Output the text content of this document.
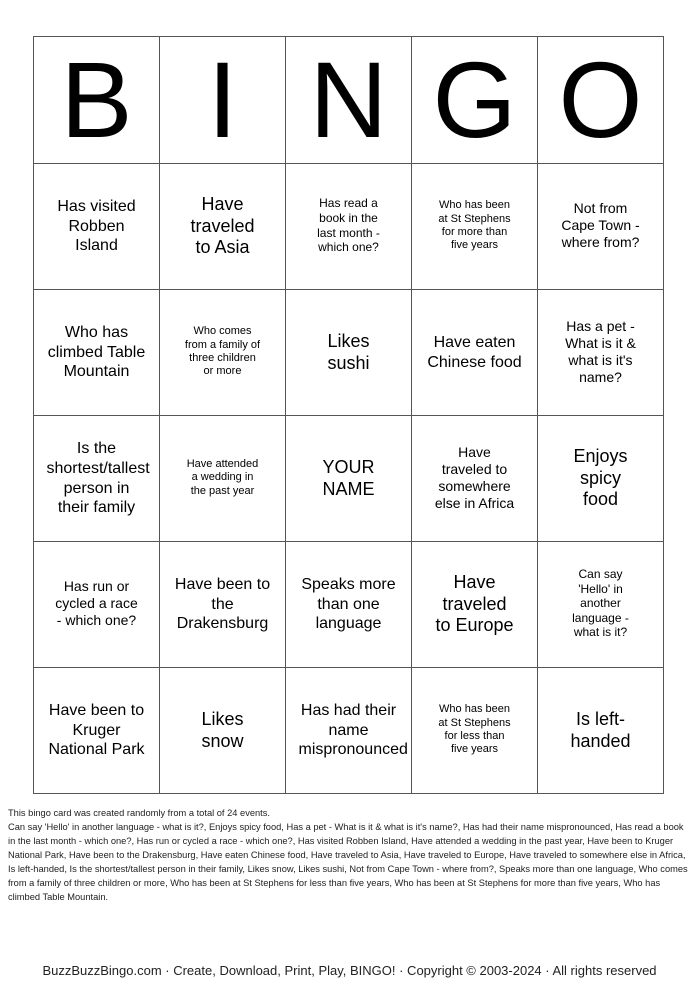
B	I	N	G	O
Has visited Robben Island	Have traveled to Asia	Has read a book in the last month - which one?	Who has been at St Stephens for more than five years	Not from Cape Town - where from?
Who has climbed Table Mountain	Who comes from a family of three children or more	Likes sushi	Have eaten Chinese food	Has a pet - What is it & what is it's name?
Is the shortest/tallest person in their family	Have attended a wedding in the past year	YOUR NAME	Have traveled to somewhere else in Africa	Enjoys spicy food
Has run or cycled a race - which one?	Have been to the Drakensburg	Speaks more than one language	Have traveled to Europe	Can say 'Hello' in another language - what is it?
Have been to Kruger National Park	Likes snow	Has had their name mispronounced	Who has been at St Stephens for less than five years	Is left-handed

This bingo card was created randomly from a total of 24 events.

Can say 'Hello' in another language - what is it?, Enjoys spicy food, Has a pet - What is it & what is it's name?, Has had their name mispronounced, Has read a book in the last month - which one?, Has run or cycled a race - which one?, Has visited Robben Island, Have attended a wedding in the past year, Have been to Kruger National Park, Have been to the Drakensburg, Have eaten Chinese food, Have traveled to Asia, Have traveled to Europe, Have traveled to somewhere else in Africa, Is left-handed, Is the shortest/tallest person in their family, Likes snow, Likes sushi, Not from Cape Town - where from?, Speaks more than one language, Who comes from a family of three children or more, Who has been at St Stephens for less than five years, Who has been at St Stephens for more than five years, Who has climbed Table Mountain.

BuzzBuzzBingo.com · Create, Download, Print, Play, BINGO! · Copyright © 2003-2024 · All rights reserved
